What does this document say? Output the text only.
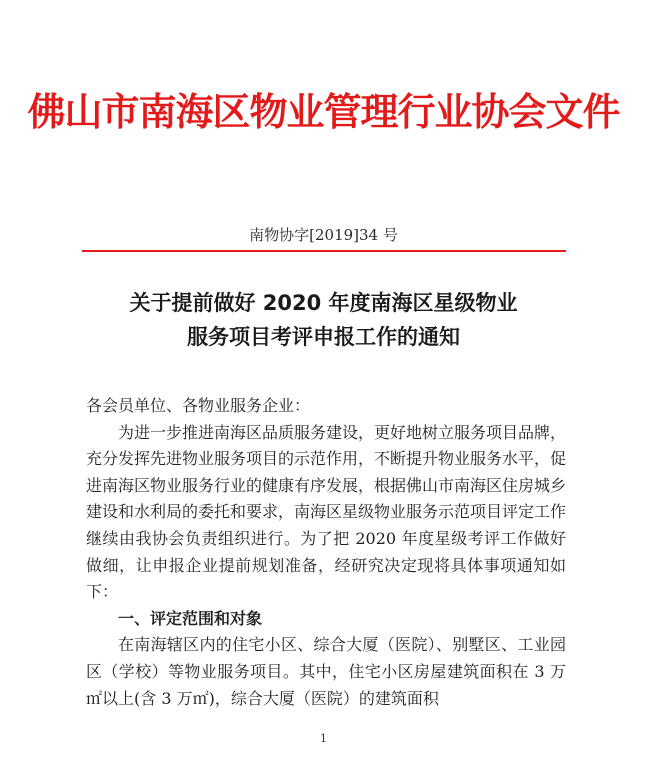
佛山市南海区物业管理行业协会文件
南物协字[2019]34 号
关于提前做好 2020 年度南海区星级物业
服务项目考评申报工作的通知

各会员单位、各物业服务企业：

为进一步推进南海区品质服务建设，更好地树立服务项目品牌，充分发挥先进物业服务项目的示范作用，不断提升物业服务水平，促进南海区物业服务行业的健康有序发展，根据佛山市南海区住房城乡建设和水利局的委托和要求，南海区星级物业服务示范项目评定工作继续由我协会负责组织进行。为了把 2020 年度星级考评工作做好做细，让申报企业提前规划准备，经研究决定现将具体事项通知如下：

一、评定范围和对象

在南海辖区内的住宅小区、综合大厦（医院）、别墅区、工业园区（学校）等物业服务项目。其中，住宅小区房屋建筑面积在 3 万㎡以上(含 3 万㎡)，综合大厦（医院）的建筑面积

1
